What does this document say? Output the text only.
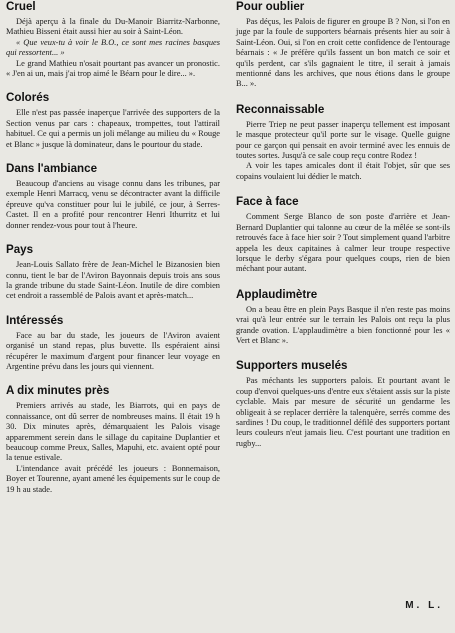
Cruel

Déjà aperçu à la finale du Du-Manoir Biarritz-Narbonne, Mathieu Bisseni était aussi hier au soir à Saint-Léon.

« Que veux-tu à voir le B.O., ce sont mes racines basques qui ressortent... »

Le grand Mathieu n'osait pourtant pas avancer un pronostic. « J'en ai un, mais j'ai trop aimé le Béarn pour le dire... ».

Colorés

Elle n'est pas passée inaperçue l'arrivée des supporters de la Section venus par cars : chapeaux, trompettes, tout l'attirail habituel. Ce qui a permis un joli mélange au milieu du « Rouge et Blanc » jusque là dominateur, dans le pourtour du stade.

Dans l'ambiance

Beaucoup d'anciens au visage connu dans les tribunes, par exemple Henri Marracq, venu se décontracter avant la difficile épreuve qu'va constituer pour lui le jubilé, ce jour, à Serres-Castet. Il en a profité pour rencontrer Henri Ithurritz et lui donner rendez-vous pour tout à l'heure.

Pays

Jean-Louis Sallato frère de Jean-Michel le Bizanosien bien connu, tient le bar de l'Aviron Bayonnais depuis trois ans sous la grande tribune du stade Saint-Léon. Inutile de dire combien cet endroit a rassemblé de Palois avant et après-match...

Intéressés

Face au bar du stade, les joueurs de l'Aviron avaient organisé un stand repas, plus buvette. Ils espéraient ainsi récupérer le maximum d'argent pour financer leur voyage en Argentine prévu dans les jours qui viennent.

A dix minutes près

Premiers arrivés au stade, les Biarrots, qui en pays de connaissance, ont dû serrer de nombreuses mains. Il était 19 h 30. Dix minutes après, démarquaient les Palois visage apparemment serein dans le sillage du capitaine Duplantier et beaucoup comme Preux, Salles, Mapuhi, etc. avaient opté pour la tenue estivale.

L'intendance avait précédé les joueurs : Bonnemaison, Boyer et Tourenne, ayant amené les équipements sur le coup de 19 h au stade.

Pour oublier

Pas déçus, les Palois de figurer en groupe B ? Non, si l'on en juge par la foule de supporters béarnais présents hier au soir à Saint-Léon. Oui, si l'on en croit cette confidence de l'entourage béarnais : « Je préfère qu'ils fassent un bon match ce soir et qu'ils perdent, car s'ils gagnaient le titre, il serait à jamais mentionné dans les archives, que nous étions dans le groupe B... ».

Reconnaissable

Pierre Triep ne peut passer inaperçu tellement est imposant le masque protecteur qu'il porte sur le visage. Quelle guigne pour ce garçon qui pensait en avoir terminé avec les ennuis de toutes sortes. Jusqu'à ce sale coup reçu contre Rodez !

A voir les tapes amicales dont il était l'objet, sûr que ses copains voulaient lui dédier le match.

Face à face

Comment Serge Blanco de son poste d'arrière et Jean-Bernard Duplantier qui talonne au cœur de la mêlée se sont-ils retrouvés face à face hier soir ? Tout simplement quand l'arbitre appela les deux capitaines à calmer leur troupe respective lorsque le derby s'égara pour quelques coups, rien de bien méchant pour autant.

Applaudimètre

On a beau être en plein Pays Basque il n'en reste pas moins vrai qu'à leur entrée sur le terrain les Palois ont reçu la plus grande ovation. L'applaudimètre a bien fonctionné pour les « Vert et Blanc ».

Supporters muselés

Pas méchants les supporters palois. Et pourtant avant le coup d'envoi quelques-uns d'entre eux s'étaient assis sur la piste cyclable. Mais par mesure de sécurité un gendarme les obligeait à se replacer derrière la talenquère, serrés comme des sardines ! Du coup, le traditionnel défilé des supporters portant leurs couleurs n'eut jamais lieu. C'est pourtant une tradition en rugby...

M. L.
